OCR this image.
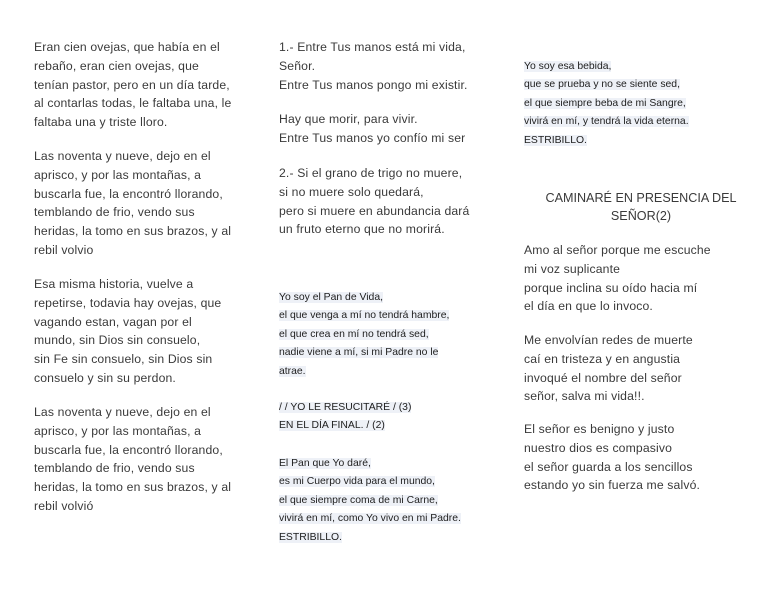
Eran cien ovejas, que había en el
rebaño, eran cien ovejas, que
tenían pastor, pero en un día tarde,
al contarlas todas, le faltaba una, le
faltaba una y triste lloro.

Las noventa y nueve, dejo en el
aprisco, y por las montañas, a
buscarla fue, la encontró llorando,
temblando de frio, vendo sus
heridas, la tomo en sus brazos, y al
rebil volvio

Esa misma historia, vuelve a
repetirse, todavia hay ovejas, que
vagando estan, vagan por el
mundo, sin Dios sin consuelo,
sin Fe sin consuelo, sin Dios sin
consuelo y sin su perdon.

Las noventa y nueve, dejo en el
aprisco, y por las montañas, a
buscarla fue, la encontró llorando,
temblando de frio, vendo sus
heridas, la tomo en sus brazos, y al
rebil volvió

1.- Entre Tus manos está mi vida,
Señor.
Entre Tus manos pongo mi existir.

Hay que morir, para vivir.
Entre Tus manos yo confío mi ser

2.- Si el grano de trigo no muere,
si no muere solo quedará,
pero si muere en abundancia dará
un fruto eterno que no morirá.

Yo soy el Pan de Vida,
el que venga a mí no tendrá hambre,
el que crea en mí no tendrá sed,
nadie viene a mí, si mi Padre no le
atrae.

/ / YO LE RESUCITARÉ / (3)
EN EL DÍA FINAL. / (2)

El Pan que Yo daré,
es mi Cuerpo vida para el mundo,
el que siempre coma de mi Carne,
vivirá en mí, como Yo vivo en mi Padre.
ESTRIBILLO.

Yo soy esa bebida,
que se prueba y no se siente sed,
el que siempre beba de mi Sangre,
vivirá en mí, y tendrá la vida eterna.
ESTRIBILLO.

CAMINARÉ EN PRESENCIA DEL
SEÑOR(2)

Amo al señor porque me escuche
mi voz suplicante
porque inclina su oído hacia mí
el día en que lo invoco.

Me envolvían redes de muerte
caí en tristeza y en angustia
invoqué el nombre del señor
señor, salva mi vida!!.

El señor es benigno y justo
nuestro dios es compasivo
el señor guarda a los sencillos
estando yo sin fuerza me salvó.
